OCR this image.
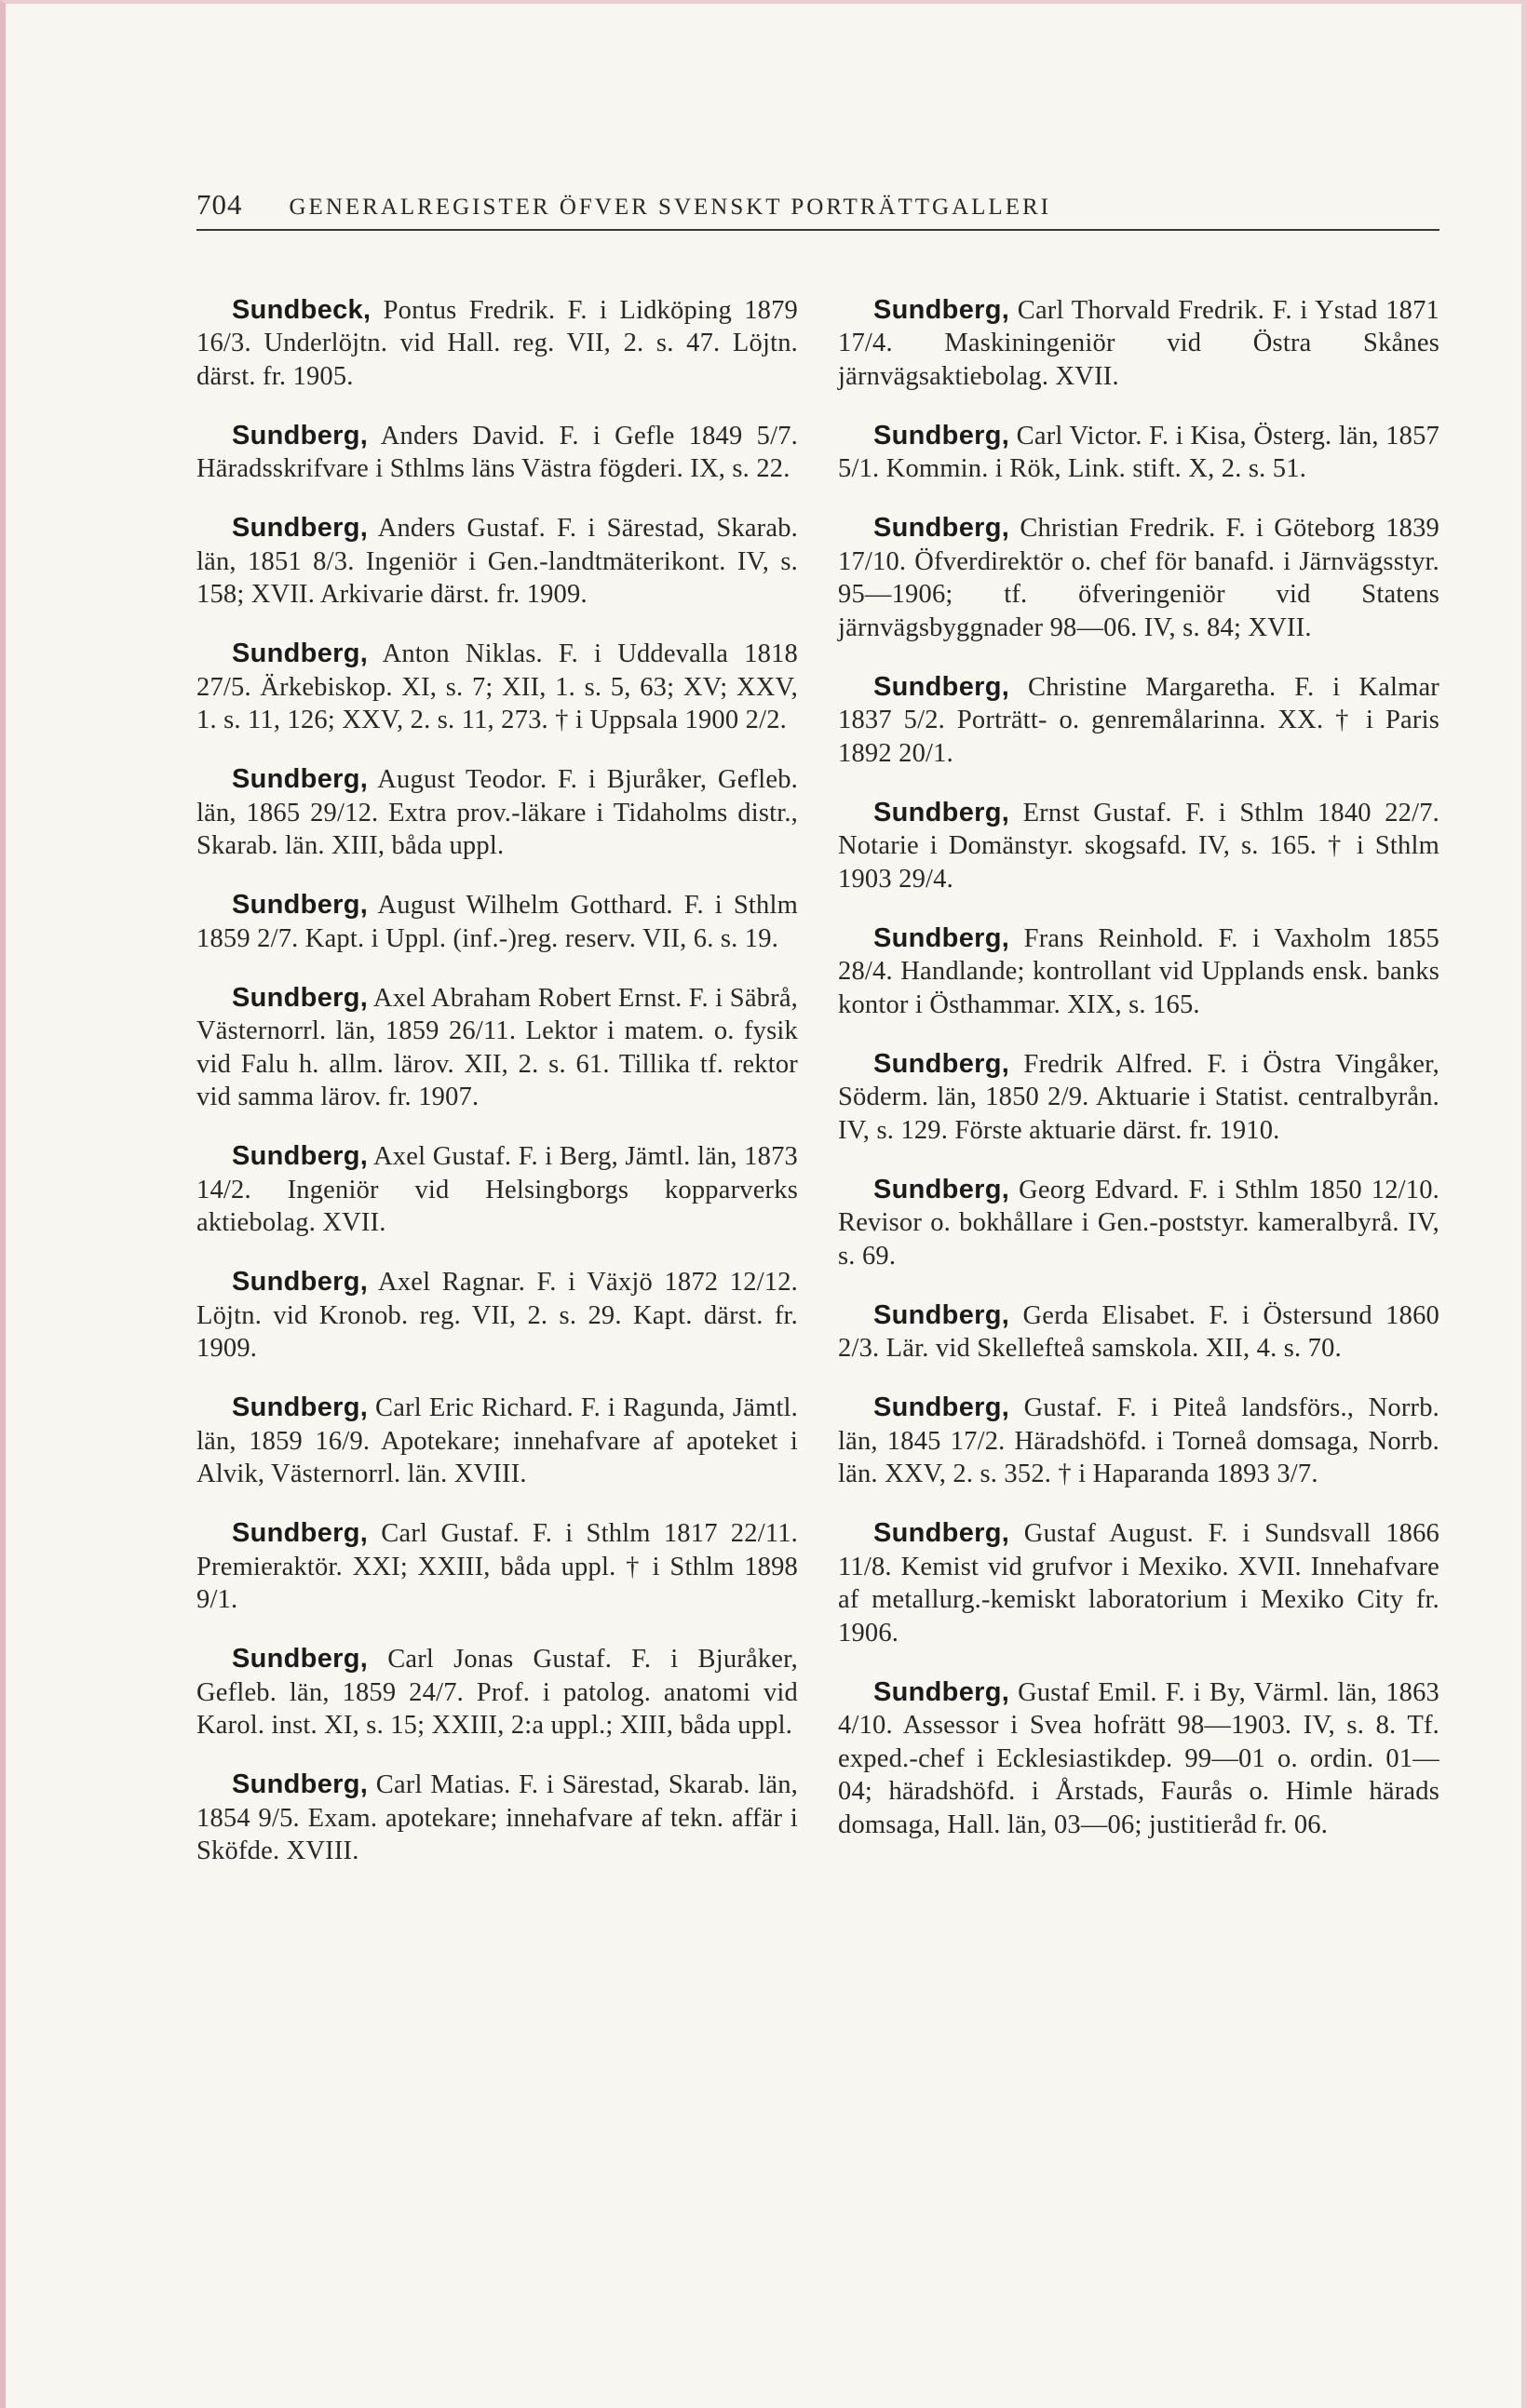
704 GENERALREGISTER ÖFVER SVENSKT PORTRÄTTGALLERI

Sundbeck, Pontus Fredrik. F. i Lidköping 1879 16/3. Underlöjtn. vid Hall. reg. VII, 2. s. 47. Löjtn. därst. fr. 1905.

Sundberg, Anders David. F. i Gefle 1849 5/7. Häradsskrifvare i Sthlms läns Västra fögderi. IX, s. 22.

Sundberg, Anders Gustaf. F. i Särestad, Skarab. län, 1851 8/3. Ingeniör i Gen.-landtmäterikont. IV, s. 158; XVII. Arkivarie därst. fr. 1909.

Sundberg, Anton Niklas. F. i Uddevalla 1818 27/5. Ärkebiskop. XI, s. 7; XII, 1. s. 5, 63; XV; XXV, 1. s. 11, 126; XXV, 2. s. 11, 273. † i Uppsala 1900 2/2.

Sundberg, August Teodor. F. i Bjuråker, Gefleb. län, 1865 29/12. Extra prov.-läkare i Tidaholms distr., Skarab. län. XIII, båda uppl.

Sundberg, August Wilhelm Gotthard. F. i Sthlm 1859 2/7. Kapt. i Uppl. (inf.-)reg. reserv. VII, 6. s. 19.

Sundberg, Axel Abraham Robert Ernst. F. i Säbrå, Västernorrl. län, 1859 26/11. Lektor i matem. o. fysik vid Falu h. allm. lärov. XII, 2. s. 61. Tillika tf. rektor vid samma lärov. fr. 1907.

Sundberg, Axel Gustaf. F. i Berg, Jämtl. län, 1873 14/2. Ingeniör vid Helsingborgs kopparverks aktiebolag. XVII.

Sundberg, Axel Ragnar. F. i Växjö 1872 12/12. Löjtn. vid Kronob. reg. VII, 2. s. 29. Kapt. därst. fr. 1909.

Sundberg, Carl Eric Richard. F. i Ragunda, Jämtl. län, 1859 16/9. Apotekare; innehafvare af apoteket i Alvik, Västernorrl. län. XVIII.

Sundberg, Carl Gustaf. F. i Sthlm 1817 22/11. Premieraktör. XXI; XXIII, båda uppl. † i Sthlm 1898 9/1.

Sundberg, Carl Jonas Gustaf. F. i Bjuråker, Gefleb. län, 1859 24/7. Prof. i patolog. anatomi vid Karol. inst. XI, s. 15; XXIII, 2:a uppl.; XIII, båda uppl.

Sundberg, Carl Matias. F. i Särestad, Skarab. län, 1854 9/5. Exam. apotekare; innehafvare af tekn. affär i Sköfde. XVIII.

Sundberg, Carl Thorvald Fredrik. F. i Ystad 1871 17/4. Maskiningeniör vid Östra Skånes järnvägsaktiebolag. XVII.

Sundberg, Carl Victor. F. i Kisa, Österg. län, 1857 5/1. Kommin. i Rök, Link. stift. X, 2. s. 51.

Sundberg, Christian Fredrik. F. i Göteborg 1839 17/10. Öfverdirektör o. chef för banafd. i Järnvägsstyr. 95—1906; tf. öfveringeniör vid Statens järnvägsbyggnader 98—06. IV, s. 84; XVII.

Sundberg, Christine Margaretha. F. i Kalmar 1837 5/2. Porträtt- o. genremålarinna. XX. † i Paris 1892 20/1.

Sundberg, Ernst Gustaf. F. i Sthlm 1840 22/7. Notarie i Domänstyr. skogsafd. IV, s. 165. † i Sthlm 1903 29/4.

Sundberg, Frans Reinhold. F. i Vaxholm 1855 28/4. Handlande; kontrollant vid Upplands ensk. banks kontor i Östhammar. XIX, s. 165.

Sundberg, Fredrik Alfred. F. i Östra Vingåker, Söderm. län, 1850 2/9. Aktuarie i Statist. centralbyrån. IV, s. 129. Förste aktuarie därst. fr. 1910.

Sundberg, Georg Edvard. F. i Sthlm 1850 12/10. Revisor o. bokhållare i Gen.-poststyr. kameralbyrå. IV, s. 69.

Sundberg, Gerda Elisabet. F. i Östersund 1860 2/3. Lär. vid Skellefteå samskola. XII, 4. s. 70.

Sundberg, Gustaf. F. i Piteå landsförs., Norrb. län, 1845 17/2. Häradshöfd. i Torneå domsaga, Norrb. län. XXV, 2. s. 352. † i Haparanda 1893 3/7.

Sundberg, Gustaf August. F. i Sundsvall 1866 11/8. Kemist vid grufvor i Mexiko. XVII. Innehafvare af metallurg.-kemiskt laboratorium i Mexiko City fr. 1906.

Sundberg, Gustaf Emil. F. i By, Värml. län, 1863 4/10. Assessor i Svea hofrätt 98—1903. IV, s. 8. Tf. exped.-chef i Ecklesiastikdep. 99—01 o. ordin. 01—04; häradshöfd. i Årstads, Faurås o. Himle härads domsaga, Hall. län, 03—06; justitieråd fr. 06.
